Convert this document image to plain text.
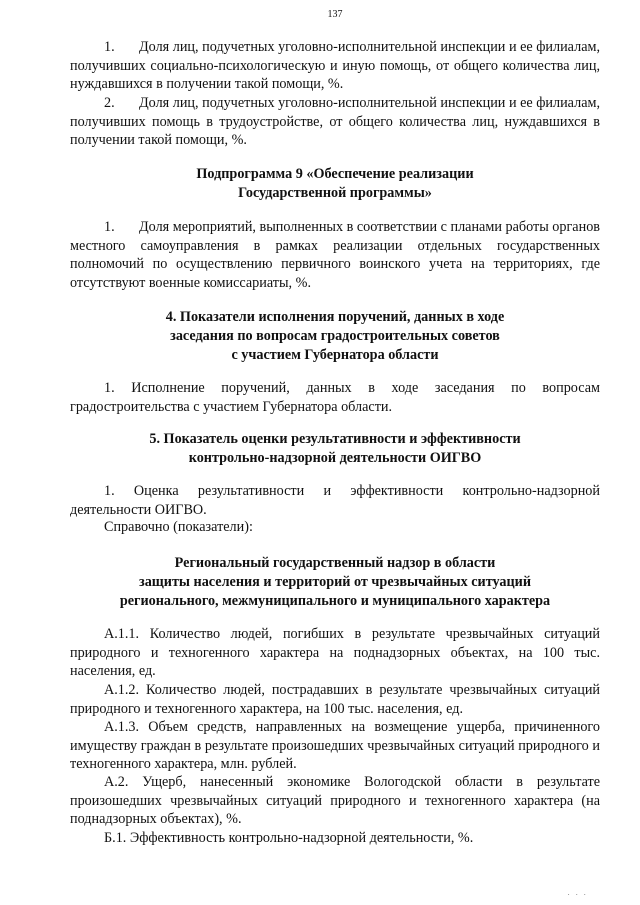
137

1. Доля лиц, подучетных уголовно-исполнительной инспекции и ее филиалам, получивших социально-психологическую и иную помощь, от общего количества лиц, нуждавшихся в получении такой помощи, %.

2. Доля лиц, подучетных уголовно-исполнительной инспекции и ее филиалам, получивших помощь в трудоустройстве, от общего количества лиц, нуждавшихся в получении такой помощи, %.

Подпрограмма 9 «Обеспечение реализации
Государственной программы»

1. Доля мероприятий, выполненных в соответствии с планами работы органов местного самоуправления в рамках реализации отдельных государственных полномочий по осуществлению первичного воинского учета на территориях, где отсутствуют военные комиссариаты, %.

4. Показатели исполнения поручений, данных в ходе
заседания по вопросам градостроительных советов
с участием Губернатора области

1. Исполнение поручений, данных в ходе заседания по вопросам градостроительства с участием Губернатора области.

5. Показатель оценки результативности и эффективности
контрольно-надзорной деятельности ОИГВО

1. Оценка результативности и эффективности контрольно-надзорной деятельности ОИГВО.

Справочно (показатели):

Региональный государственный надзор в области
защиты населения и территорий от чрезвычайных ситуаций
регионального, межмуниципального и муниципального характера

А.1.1. Количество людей, погибших в результате чрезвычайных ситуаций природного и техногенного характера на поднадзорных объектах, на 100 тыс. населения, ед.

А.1.2. Количество людей, пострадавших в результате чрезвычайных ситуаций природного и техногенного характера, на 100 тыс. населения, ед.

А.1.3. Объем средств, направленных на возмещение ущерба, причиненного имуществу граждан в результате произошедших чрезвычайных ситуаций природного и техногенного характера, млн. рублей.

А.2. Ущерб, нанесенный экономике Вологодской области в результате произошедших чрезвычайных ситуаций природного и техногенного характера (на поднадзорных объектах), %.

Б.1. Эффективность контрольно-надзорной деятельности, %.

· · ·
